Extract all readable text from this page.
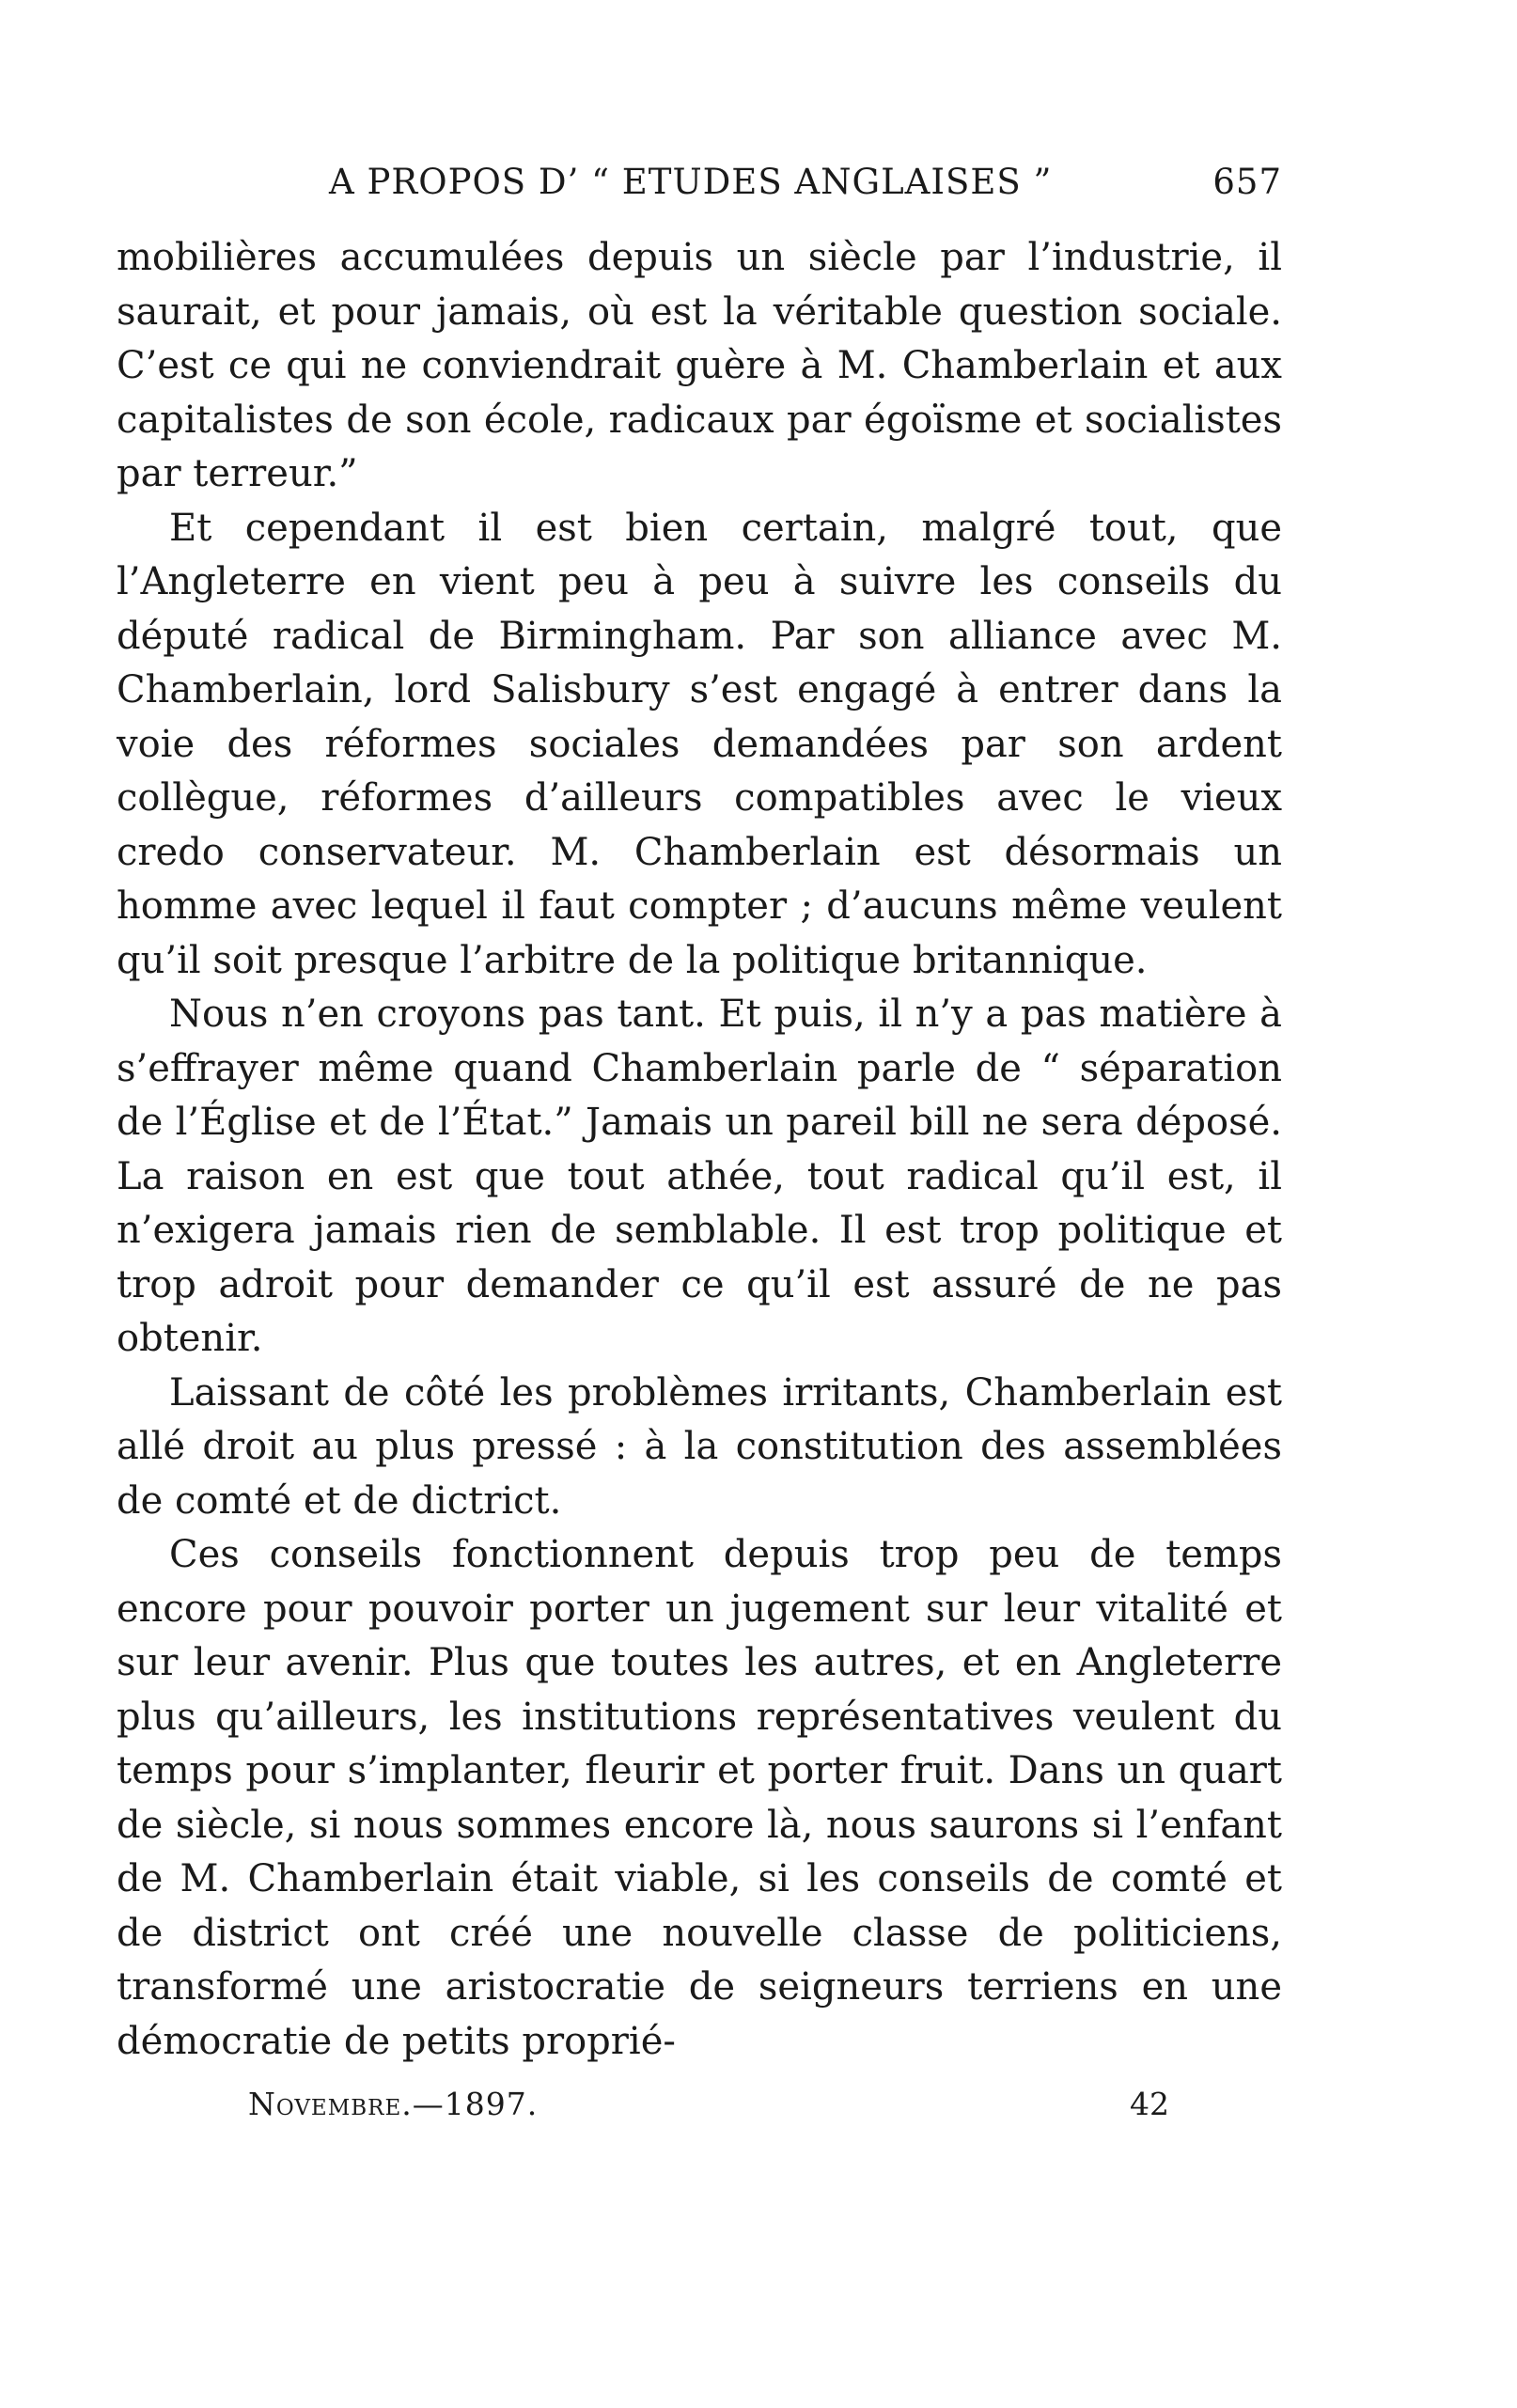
A PROPOS D’ “ ETUDES ANGLAISES ”	657

mobilières accumulées depuis un siècle par l’industrie, il saurait, et pour jamais, où est la véritable question sociale. C’est ce qui ne conviendrait guère à M. Chamberlain et aux capitalistes de son école, radicaux par égoïsme et socialistes par terreur.”

Et cependant il est bien certain, malgré tout, que l’Angleterre en vient peu à peu à suivre les conseils du député radical de Birmingham. Par son alliance avec M. Chamberlain, lord Salisbury s’est engagé à entrer dans la voie des réformes sociales demandées par son ardent collègue, réformes d’ailleurs compatibles avec le vieux credo conservateur. M. Chamberlain est désormais un homme avec lequel il faut compter ; d’aucuns même veulent qu’il soit presque l’arbitre de la politique britannique.

Nous n’en croyons pas tant. Et puis, il n’y a pas matière à s’effrayer même quand Chamberlain parle de “ séparation de l’Église et de l’État.” Jamais un pareil bill ne sera déposé. La raison en est que tout athée, tout radical qu’il est, il n’exigera jamais rien de semblable. Il est trop politique et trop adroit pour demander ce qu’il est assuré de ne pas obtenir.

Laissant de côté les problèmes irritants, Chamberlain est allé droit au plus pressé : à la constitution des assemblées de comté et de dictrict.

Ces conseils fonctionnent depuis trop peu de temps encore pour pouvoir porter un jugement sur leur vitalité et sur leur avenir. Plus que toutes les autres, et en Angleterre plus qu’ailleurs, les institutions représentatives veulent du temps pour s’implanter, fleurir et porter fruit. Dans un quart de siècle, si nous sommes encore là, nous saurons si l’enfant de M. Chamberlain était viable, si les conseils de comté et de district ont créé une nouvelle classe de politiciens, transformé une aristocratie de seigneurs terriens en une démocratie de petits proprié-

Novembre.—1897.	42
